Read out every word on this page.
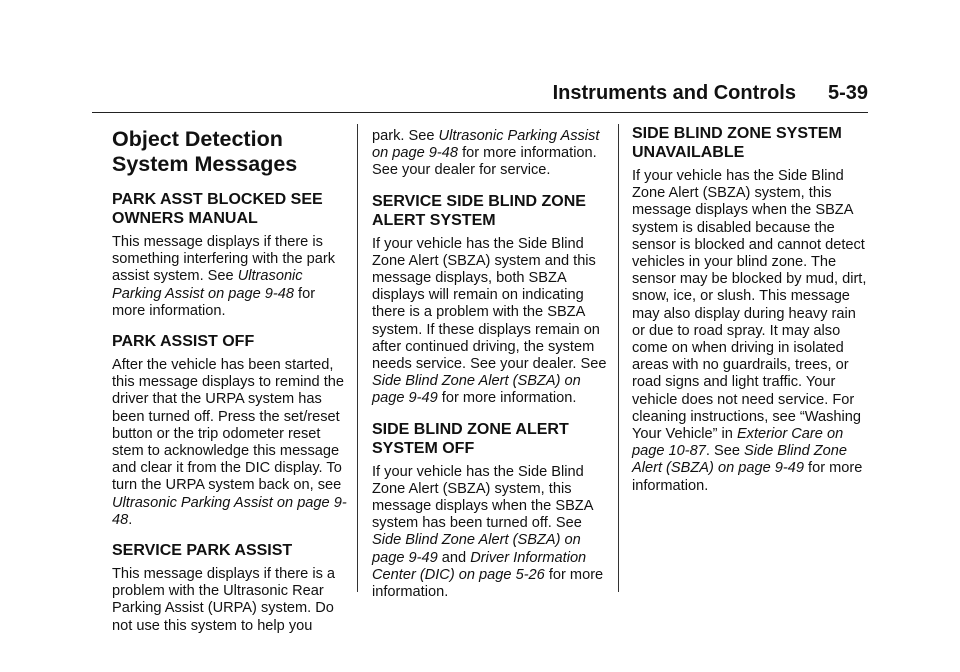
Instruments and Controls 5-39
Object Detection System Messages
PARK ASST BLOCKED SEE OWNERS MANUAL

This message displays if there is something interfering with the park assist system. See Ultrasonic Parking Assist on page 9-48 for more information.

PARK ASSIST OFF

After the vehicle has been started, this message displays to remind the driver that the URPA system has been turned off. Press the set/reset button or the trip odometer reset stem to acknowledge this message and clear it from the DIC display. To turn the URPA system back on, see Ultrasonic Parking Assist on page 9-48.

SERVICE PARK ASSIST

This message displays if there is a problem with the Ultrasonic Rear Parking Assist (URPA) system. Do not use this system to help you

park. See Ultrasonic Parking Assist on page 9-48 for more information. See your dealer for service.

SERVICE SIDE BLIND ZONE ALERT SYSTEM

If your vehicle has the Side Blind Zone Alert (SBZA) system and this message displays, both SBZA displays will remain on indicating there is a problem with the SBZA system. If these displays remain on after continued driving, the system needs service. See your dealer. See Side Blind Zone Alert (SBZA) on page 9-49 for more information.

SIDE BLIND ZONE ALERT SYSTEM OFF

If your vehicle has the Side Blind Zone Alert (SBZA) system, this message displays when the SBZA system has been turned off. See Side Blind Zone Alert (SBZA) on page 9-49 and Driver Information Center (DIC) on page 5-26 for more information.

SIDE BLIND ZONE SYSTEM UNAVAILABLE

If your vehicle has the Side Blind Zone Alert (SBZA) system, this message displays when the SBZA system is disabled because the sensor is blocked and cannot detect vehicles in your blind zone. The sensor may be blocked by mud, dirt, snow, ice, or slush. This message may also display during heavy rain or due to road spray. It may also come on when driving in isolated areas with no guardrails, trees, or road signs and light traffic. Your vehicle does not need service. For cleaning instructions, see “Washing Your Vehicle” in Exterior Care on page 10-87. See Side Blind Zone Alert (SBZA) on page 9-49 for more information.
